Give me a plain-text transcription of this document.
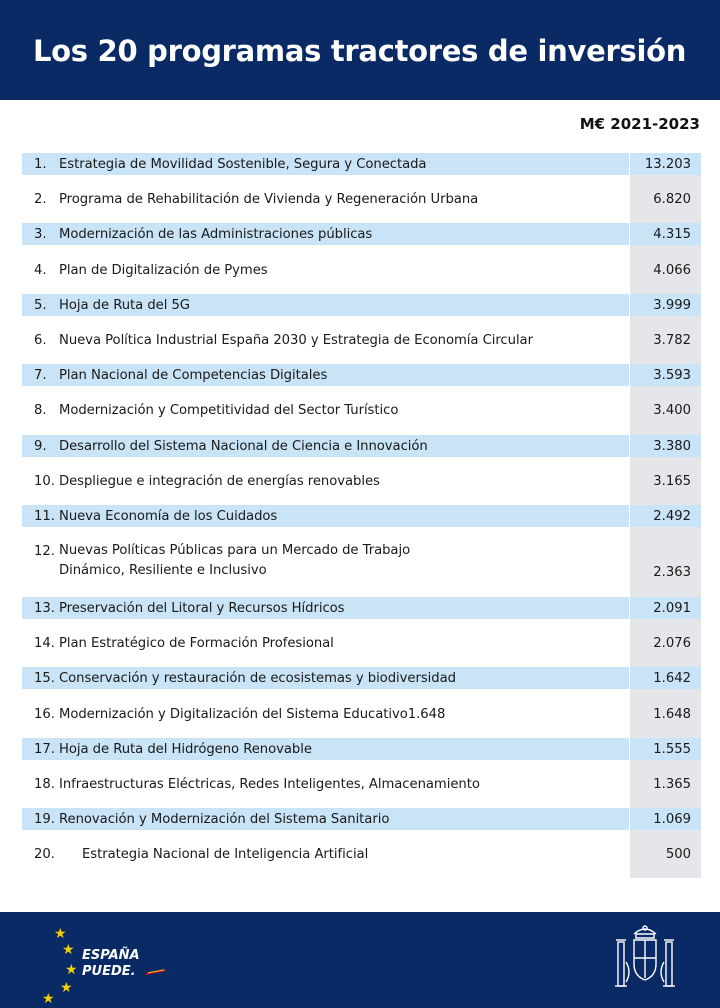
Los 20 programas tractores de inversión
M€ 2021-2023
1. Estrategia de Movilidad Sostenible, Segura y Conectada	13.203
2. Programa de Rehabilitación de Vivienda y Regeneración Urbana	6.820
3. Modernización de las Administraciones públicas	4.315
4. Plan de Digitalización de Pymes	4.066
5. Hoja de Ruta del 5G	3.999
6. Nueva Política Industrial España 2030 y Estrategia de Economía Circular	3.782
7. Plan Nacional de Competencias Digitales	3.593
8. Modernización y Competitividad del Sector Turístico	3.400
9. Desarrollo del Sistema Nacional de Ciencia e Innovación	3.380
10. Despliegue e integración de energías renovables	3.165
11. Nueva Economía de los Cuidados	2.492
12. Nuevas Políticas Públicas para un Mercado de Trabajo Dinámico, Resiliente e Inclusivo	2.363
13. Preservación del Litoral y Recursos Hídricos	2.091
14. Plan Estratégico de Formación Profesional	2.076
15. Conservación y restauración de ecosistemas y biodiversidad	1.642
16. Modernización y Digitalización del Sistema Educativo1.648	1.648
17. Hoja de Ruta del Hidrógeno Renovable	1.555
18. Infraestructuras Eléctricas, Redes Inteligentes, Almacenamiento	1.365
19. Renovación y Modernización del Sistema Sanitario	1.069
20. Estrategia Nacional de Inteligencia Artificial	500
★
★
★
★
★
ESPAÑA
PUEDE.
